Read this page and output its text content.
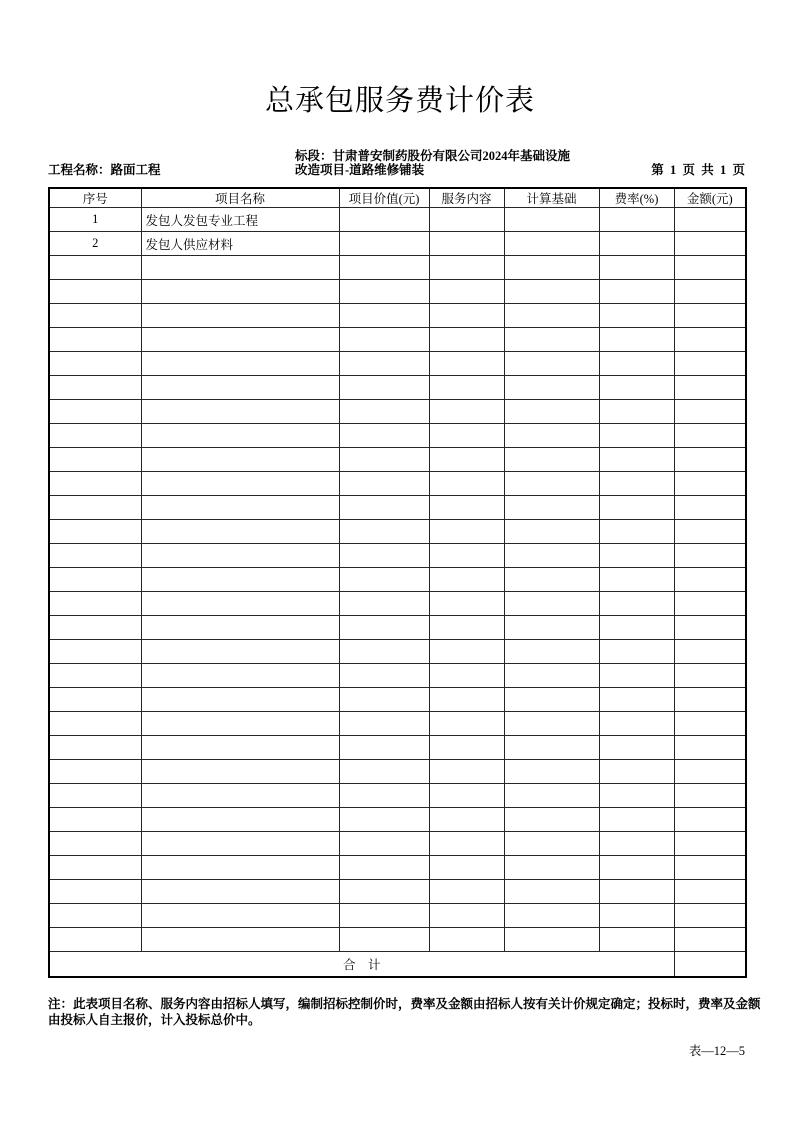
总承包服务费计价表
工程名称：路面工程
标段：甘肃普安制药股份有限公司2024年基础设施
改造项目-道路维修铺装	第  1  页  共  1  页
序号	项目名称	项目价值(元)	服务内容	计算基础	费率(%)	金额(元)
1	发包人发包专业工程					
2	发包人供应材料					

合    计						
注：此表项目名称、服务内容由招标人填写，编制招标控制价时，费率及金额由招标人按有关计价规定确定；投标时，费率及金额
由投标人自主报价，计入投标总价中。
表—12—5
